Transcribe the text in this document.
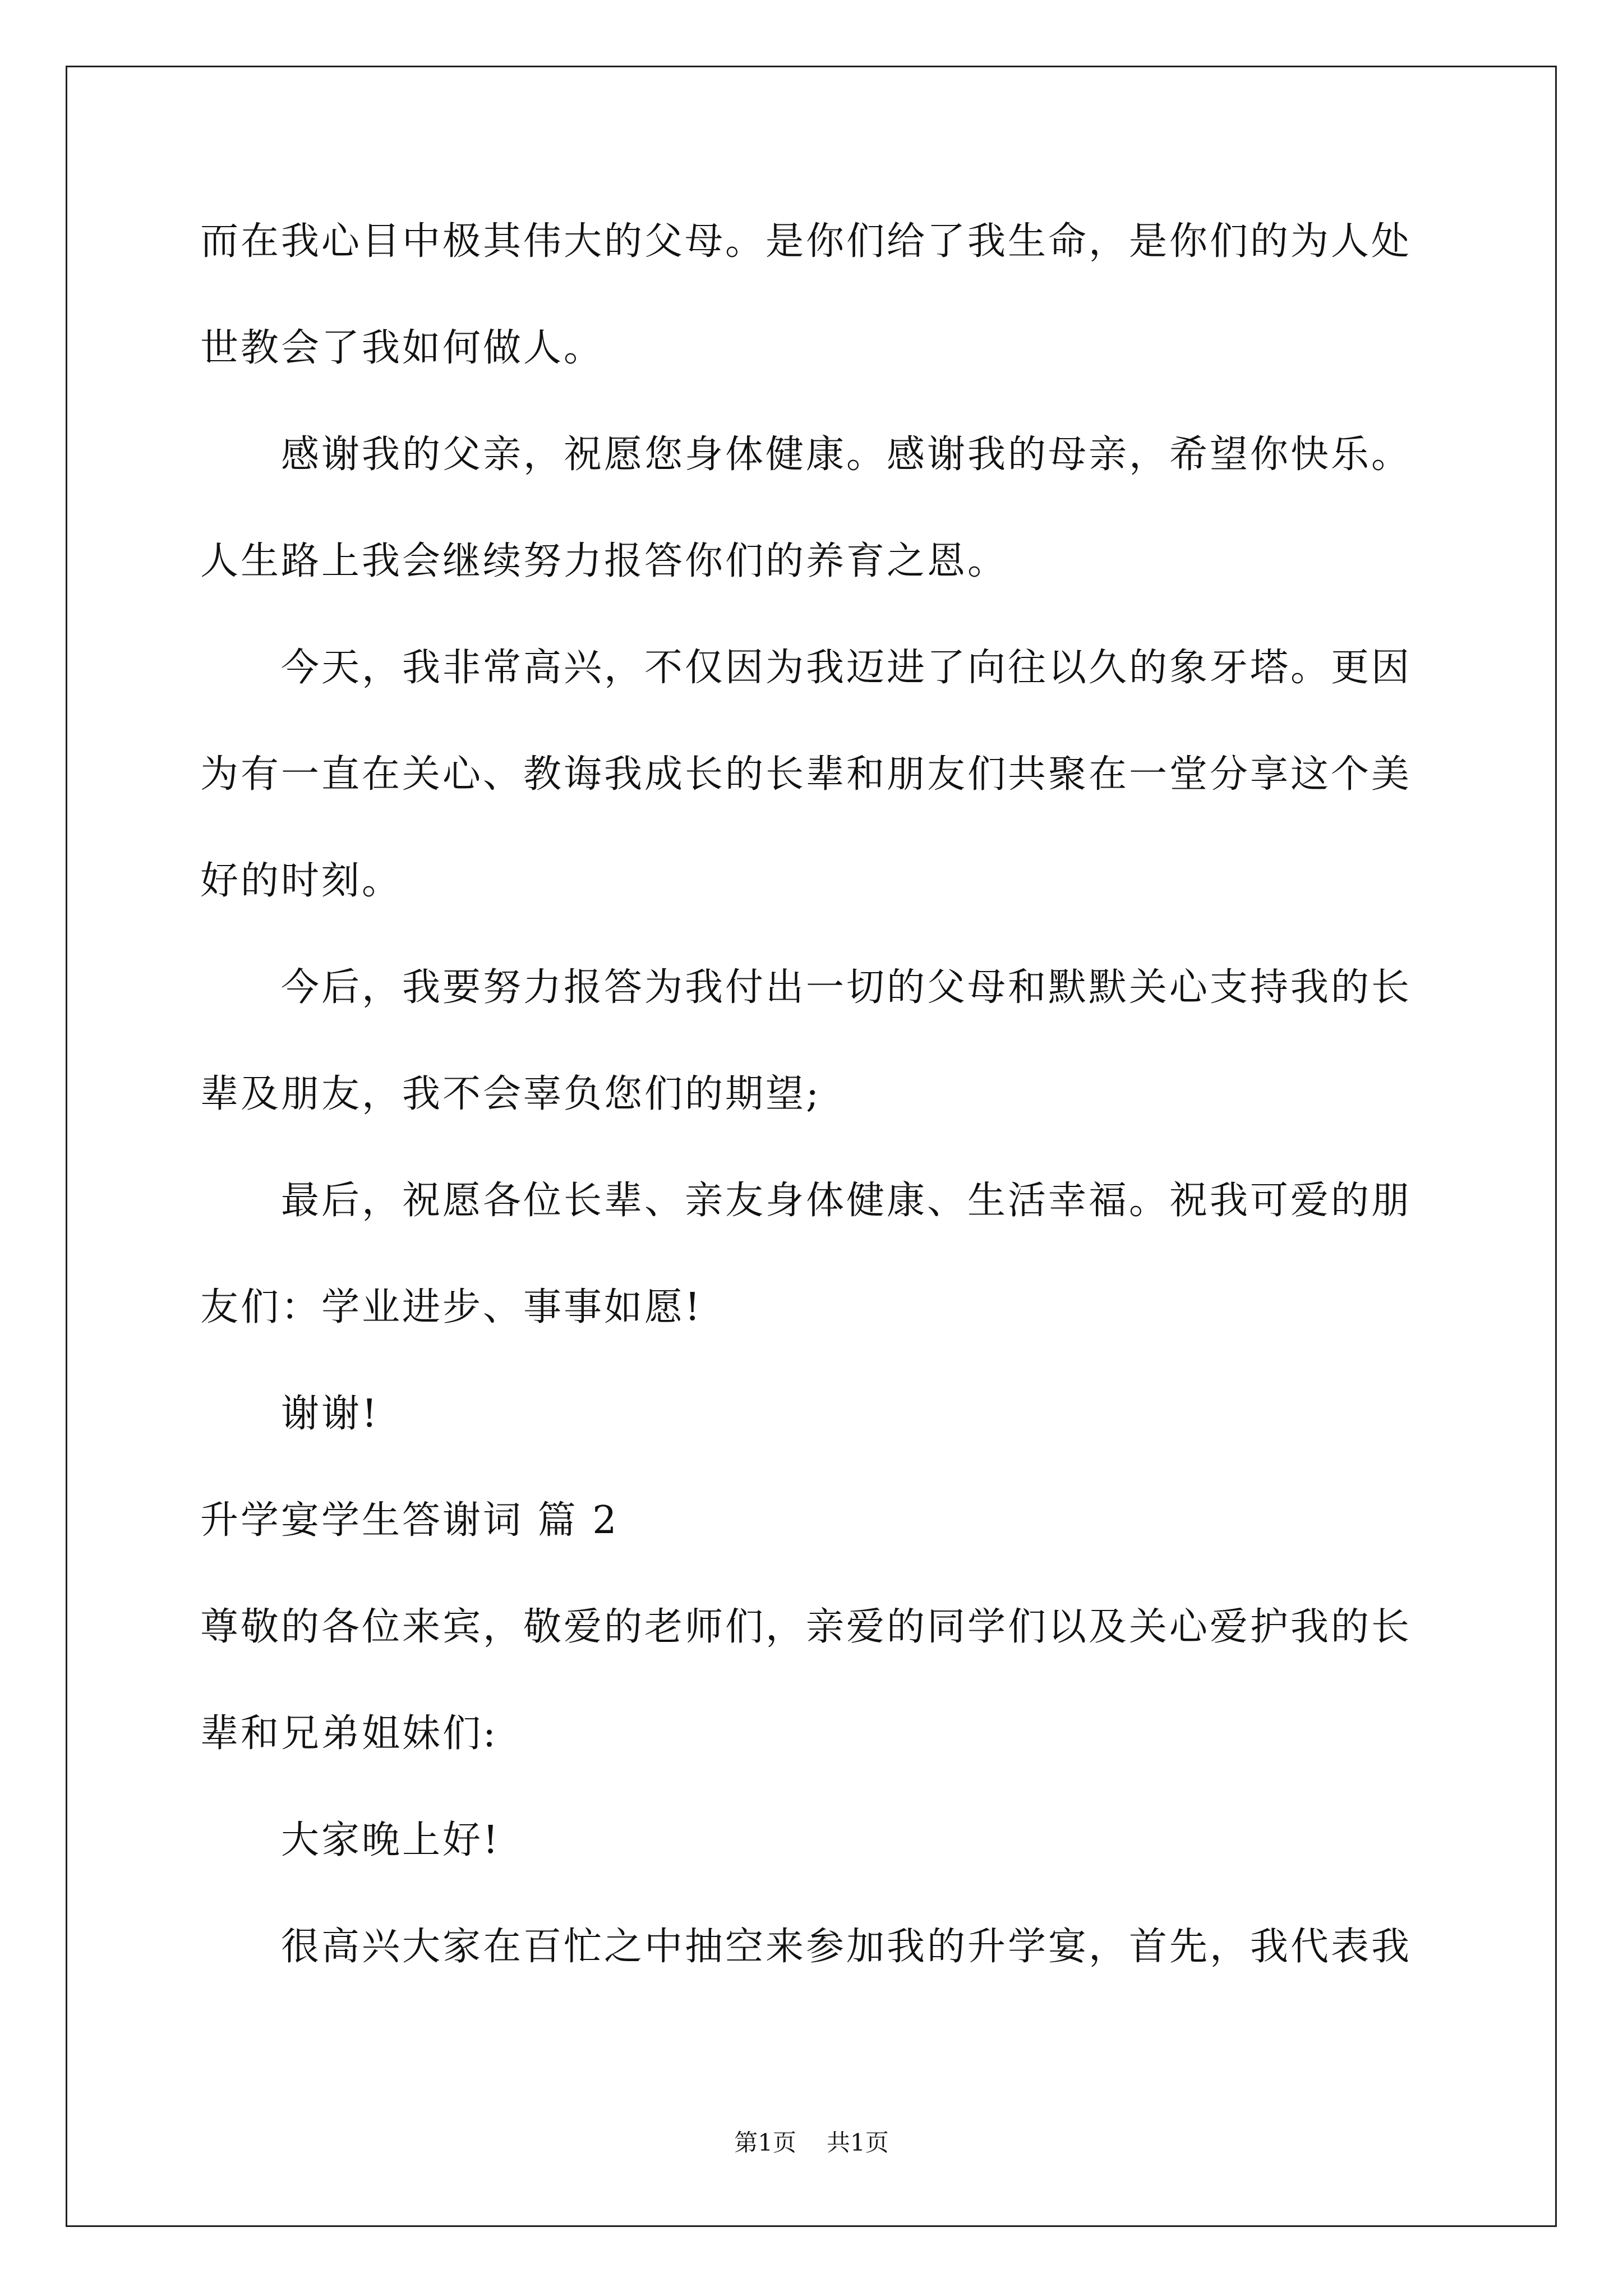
而在我心目中极其伟大的父母。是你们给了我生命，是你们的为人处
世教会了我如何做人。
感谢我的父亲，祝愿您身体健康。感谢我的母亲，希望你快乐。
人生路上我会继续努力报答你们的养育之恩。
今天，我非常高兴，不仅因为我迈进了向往以久的象牙塔。更因
为有一直在关心、教诲我成长的长辈和朋友们共聚在一堂分享这个美
好的时刻。
今后，我要努力报答为我付出一切的父母和默默关心支持我的长
辈及朋友，我不会辜负您们的期望;
最后，祝愿各位长辈、亲友身体健康、生活幸福。祝我可爱的朋
友们：学业进步、事事如愿!
谢谢!
升学宴学生答谢词 篇 2
尊敬的各位来宾，敬爱的老师们，亲爱的同学们以及关心爱护我的长
辈和兄弟姐妹们:
大家晚上好!
很高兴大家在百忙之中抽空来参加我的升学宴，首先，我代表我
第1页 共1页
